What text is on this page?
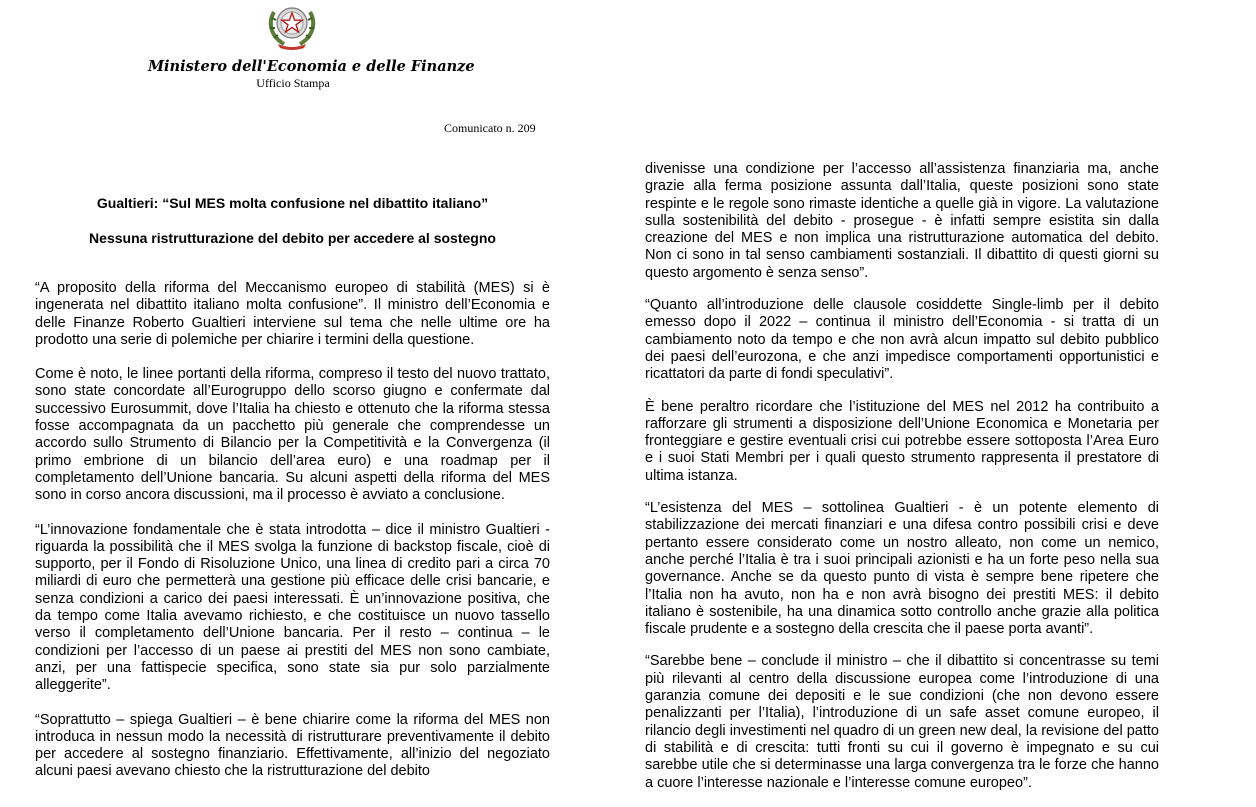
Ministero dell'Economia e delle Finanze
Ufficio Stampa
Comunicato n. 209
Gualtieri: “Sul MES molta confusione nel dibattito italiano”
Nessuna ristrutturazione del debito per accedere al sostegno

“A proposito della riforma del Meccanismo europeo di stabilità (MES) si è ingenerata nel dibattito italiano molta confusione”. Il ministro dell’Economia e delle Finanze Roberto Gualtieri interviene sul tema che nelle ultime ore ha prodotto una serie di polemiche per chiarire i termini della questione.

Come è noto, le linee portanti della riforma, compreso il testo del nuovo trattato, sono state concordate all’Eurogruppo dello scorso giugno e confermate dal successivo Eurosummit, dove l’Italia ha chiesto e ottenuto che la riforma stessa fosse accompagnata da un pacchetto più generale che comprendesse un accordo sullo Strumento di Bilancio per la Competitività e la Convergenza (il primo embrione di un bilancio dell’area euro) e una roadmap per il completamento dell’Unione bancaria. Su alcuni aspetti della riforma del MES sono in corso ancora discussioni, ma il processo è avviato a conclusione.

“L’innovazione fondamentale che è stata introdotta – dice il ministro Gualtieri - riguarda la possibilità che il MES svolga la funzione di backstop fiscale, cioè di supporto, per il Fondo di Risoluzione Unico, una linea di credito pari a circa 70 miliardi di euro che permetterà una gestione più efficace delle crisi bancarie, e senza condizioni a carico dei paesi interessati. È un’innovazione positiva, che da tempo come Italia avevamo richiesto, e che costituisce un nuovo tassello verso il completamento dell’Unione bancaria. Per il resto – continua – le condizioni per l’accesso di un paese ai prestiti del MES non sono cambiate, anzi, per una fattispecie specifica, sono state sia pur solo parzialmente alleggerite”.

“Soprattutto – spiega Gualtieri – è bene chiarire come la riforma del MES non introduca in nessun modo la necessità di ristrutturare preventivamente il debito per accedere al sostegno finanziario. Effettivamente, all’inizio del negoziato alcuni paesi avevano chiesto che la ristrutturazione del debito

divenisse una condizione per l’accesso all’assistenza finanziaria ma, anche grazie alla ferma posizione assunta dall’Italia, queste posizioni sono state respinte e le regole sono rimaste identiche a quelle già in vigore. La valutazione sulla sostenibilità del debito - prosegue - è infatti sempre esistita sin dalla creazione del MES e non implica una ristrutturazione automatica del debito. Non ci sono in tal senso cambiamenti sostanziali. Il dibattito di questi giorni su questo argomento è senza senso”.

“Quanto all’introduzione delle clausole cosiddette Single-limb per il debito emesso dopo il 2022 – continua il ministro dell’Economia - si tratta di un cambiamento noto da tempo e che non avrà alcun impatto sul debito pubblico dei paesi dell’eurozona, e che anzi impedisce comportamenti opportunistici e ricattatori da parte di fondi speculativi”.

È bene peraltro ricordare che l’istituzione del MES nel 2012 ha contribuito a rafforzare gli strumenti a disposizione dell’Unione Economica e Monetaria per fronteggiare e gestire eventuali crisi cui potrebbe essere sottoposta l’Area Euro e i suoi Stati Membri per i quali questo strumento rappresenta il prestatore di ultima istanza.

“L’esistenza del MES – sottolinea Gualtieri - è un potente elemento di stabilizzazione dei mercati finanziari e una difesa contro possibili crisi e deve pertanto essere considerato come un nostro alleato, non come un nemico, anche perché l’Italia è tra i suoi principali azionisti e ha un forte peso nella sua governance. Anche se da questo punto di vista è sempre bene ripetere che l’Italia non ha avuto, non ha e non avrà bisogno dei prestiti MES: il debito italiano è sostenibile, ha una dinamica sotto controllo anche grazie alla politica fiscale prudente e a sostegno della crescita che il paese porta avanti”.

“Sarebbe bene – conclude il ministro – che il dibattito si concentrasse su temi più rilevanti al centro della discussione europea come l’introduzione di una garanzia comune dei depositi e le sue condizioni (che non devono essere penalizzanti per l’Italia), l’introduzione di un safe asset comune europeo, il rilancio degli investimenti nel quadro di un green new deal, la revisione del patto di stabilità e di crescita: tutti fronti su cui il governo è impegnato e su cui sarebbe utile che si determinasse una larga convergenza tra le forze che hanno a cuore l’interesse nazionale e l’interesse comune europeo”.
